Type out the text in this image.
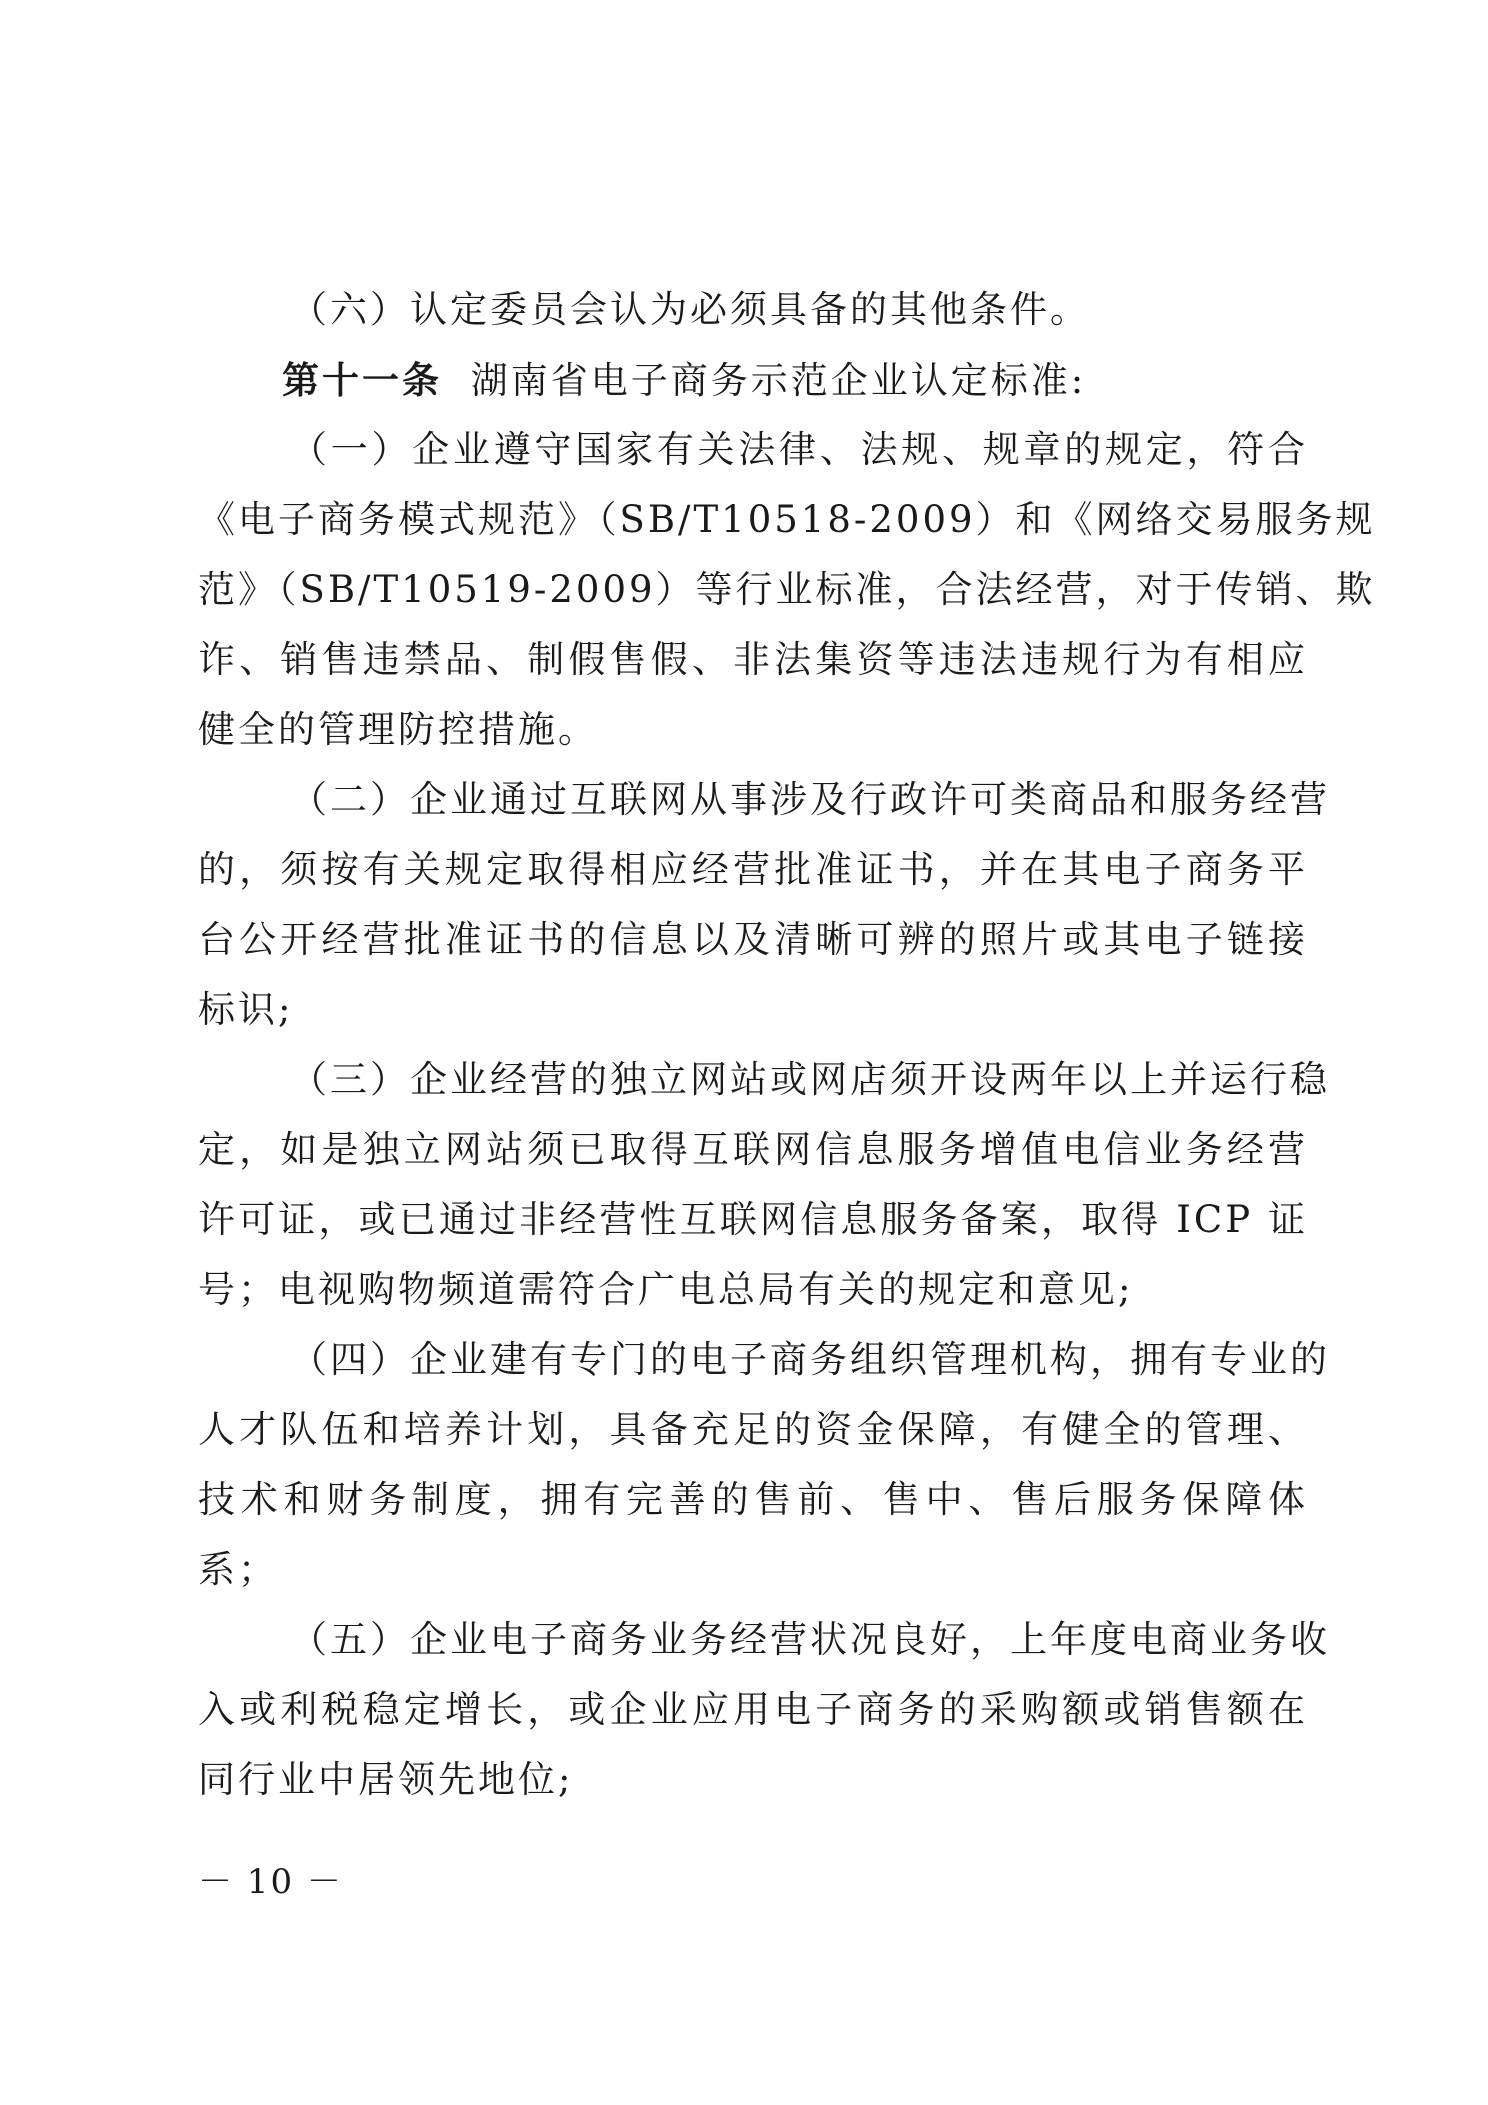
（六）认定委员会认为必须具备的其他条件。
第十一条 湖南省电子商务示范企业认定标准:
（一）企业遵守国家有关法律、法规、规章的规定，符合
《电子商务模式规范》（SB/T10518-2009）和《网络交易服务规
范》（SB/T10519-2009）等行业标准，合法经营，对于传销、欺
诈、销售违禁品、制假售假、非法集资等违法违规行为有相应
健全的管理防控措施。
（二）企业通过互联网从事涉及行政许可类商品和服务经营
的，须按有关规定取得相应经营批准证书，并在其电子商务平
台公开经营批准证书的信息以及清晰可辨的照片或其电子链接
标识;
（三）企业经营的独立网站或网店须开设两年以上并运行稳
定，如是独立网站须已取得互联网信息服务增值电信业务经营
许可证，或已通过非经营性互联网信息服务备案，取得 ICP 证
号；电视购物频道需符合广电总局有关的规定和意见;
（四）企业建有专门的电子商务组织管理机构，拥有专业的
人才队伍和培养计划，具备充足的资金保障，有健全的管理、
技术和财务制度，拥有完善的售前、售中、售后服务保障体
系；
（五）企业电子商务业务经营状况良好，上年度电商业务收
入或利税稳定增长，或企业应用电子商务的采购额或销售额在
同行业中居领先地位;
－ 10 －
